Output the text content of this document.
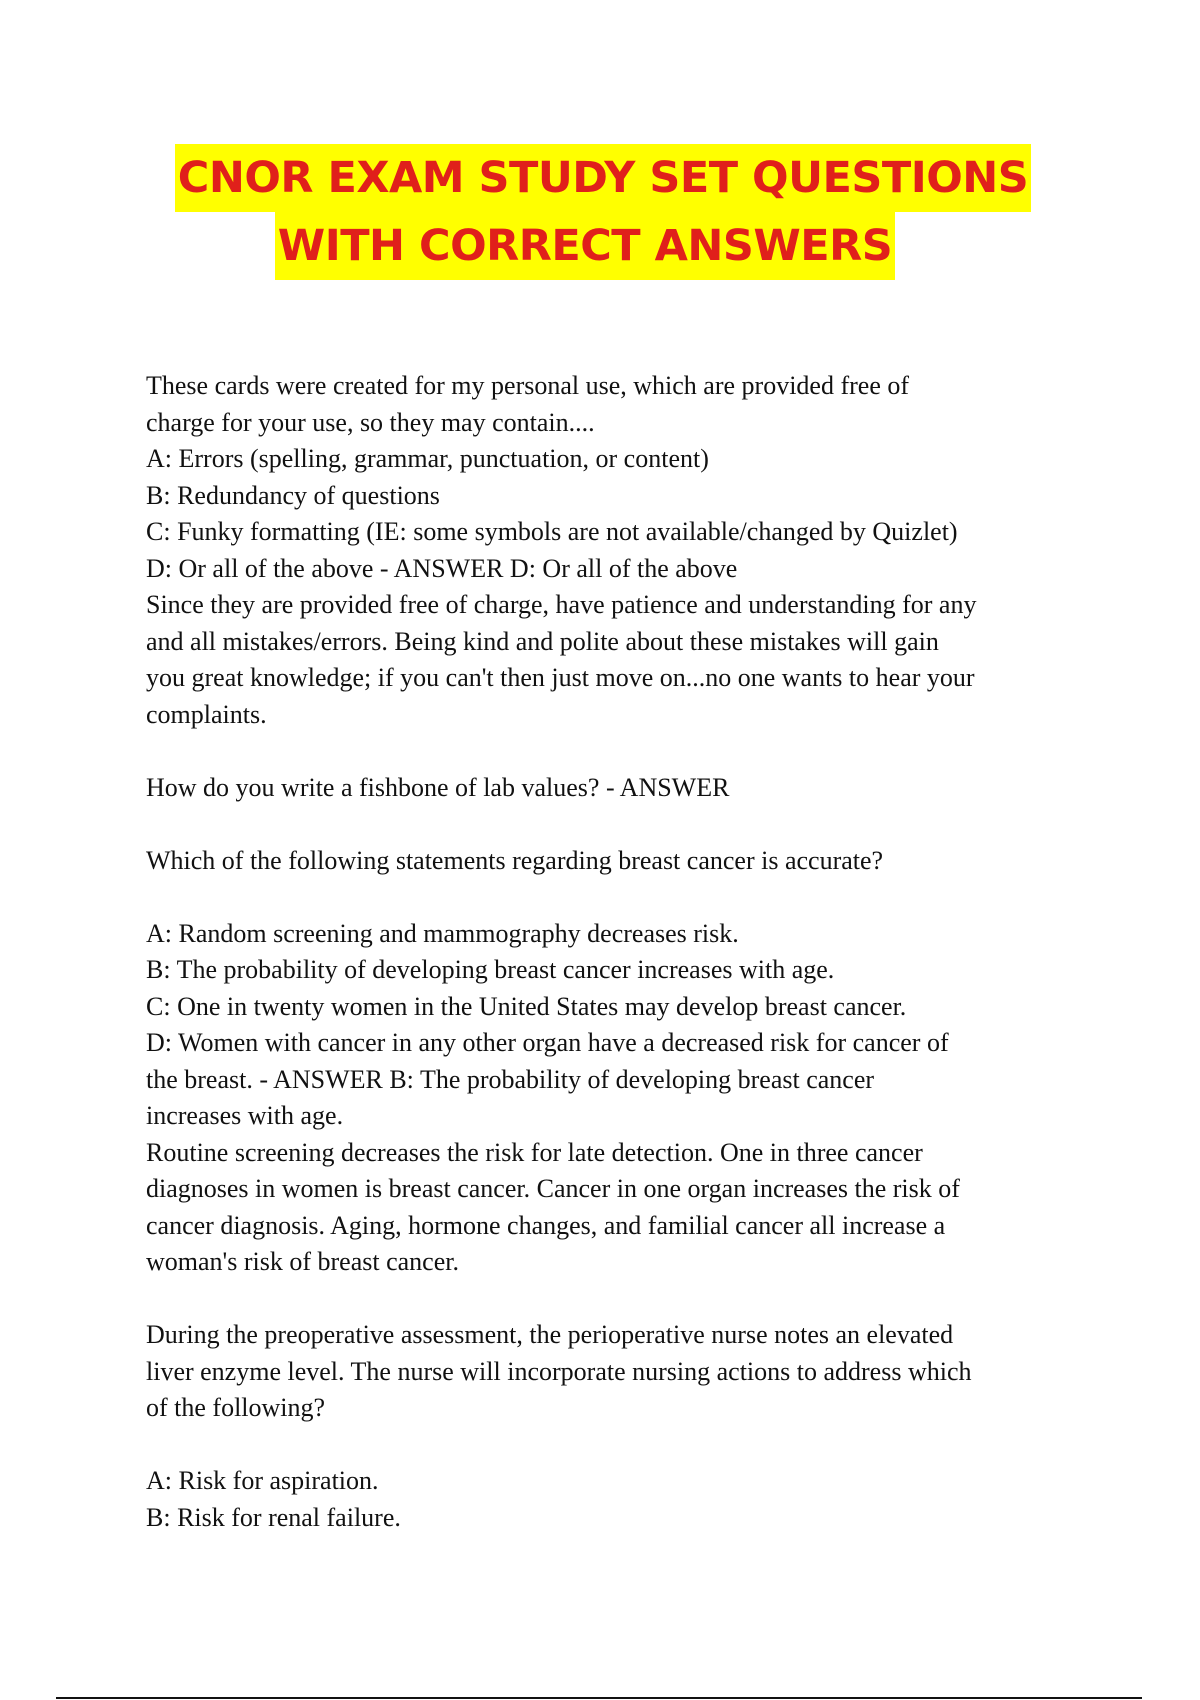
CNOR EXAM STUDY SET QUESTIONS
WITH CORRECT ANSWERS

These cards were created for my personal use, which are provided free of

charge for your use, so they may contain....

A: Errors (spelling, grammar, punctuation, or content)

B: Redundancy of questions

C: Funky formatting (IE: some symbols are not available/changed by Quizlet)

D: Or all of the above - ANSWER D: Or all of the above

Since they are provided free of charge, have patience and understanding for any

and all mistakes/errors. Being kind and polite about these mistakes will gain

you great knowledge; if you can't then just move on...no one wants to hear your

complaints.

How do you write a fishbone of lab values? - ANSWER

Which of the following statements regarding breast cancer is accurate?

A: Random screening and mammography decreases risk.

B: The probability of developing breast cancer increases with age.

C: One in twenty women in the United States may develop breast cancer.

D: Women with cancer in any other organ have a decreased risk for cancer of

the breast. - ANSWER B: The probability of developing breast cancer

increases with age.

Routine screening decreases the risk for late detection. One in three cancer

diagnoses in women is breast cancer. Cancer in one organ increases the risk of

cancer diagnosis. Aging, hormone changes, and familial cancer all increase a

woman's risk of breast cancer.

During the preoperative assessment, the perioperative nurse notes an elevated

liver enzyme level. The nurse will incorporate nursing actions to address which

of the following?

A: Risk for aspiration.

B: Risk for renal failure.
